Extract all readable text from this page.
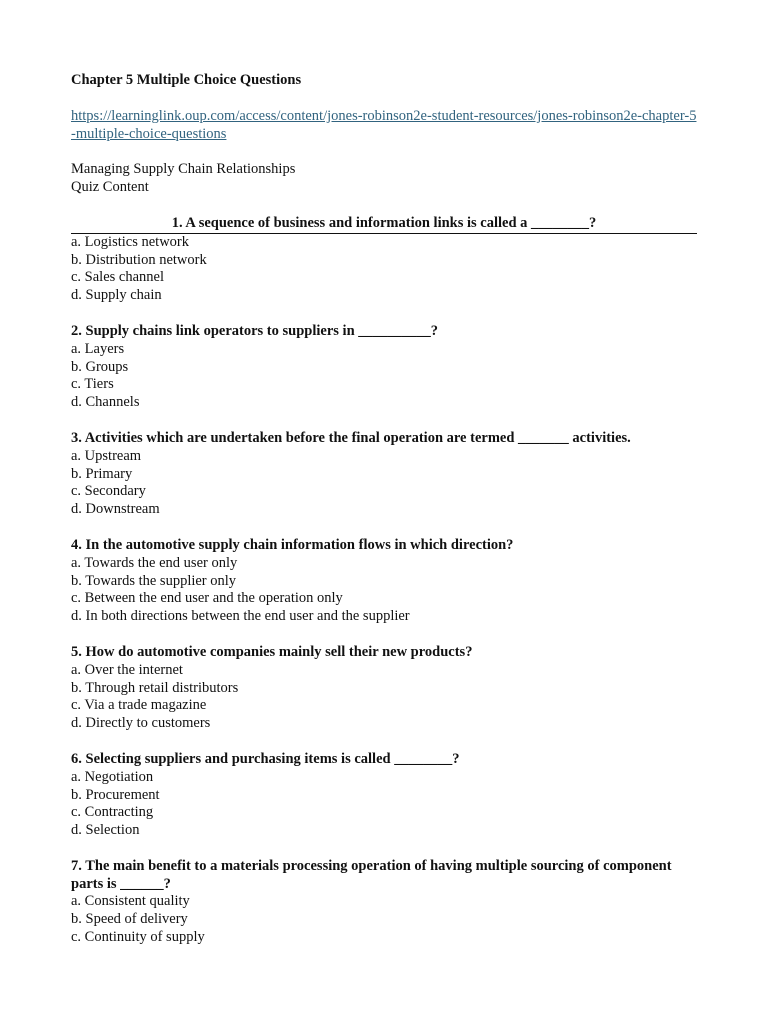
Chapter 5 Multiple Choice Questions
https://learninglink.oup.com/access/content/jones-robinson2e-student-resources/jones-robinson2e-chapter-5-multiple-choice-questions
Managing Supply Chain Relationships
Quiz Content
1. A sequence of business and information links is called a ________?
a. Logistics network
b. Distribution network
c. Sales channel
d. Supply chain
2. Supply chains link operators to suppliers in __________?
a. Layers
b. Groups
c. Tiers
d. Channels
3. Activities which are undertaken before the final operation are termed _______ activities.
a. Upstream
b. Primary
c. Secondary
d. Downstream
4. In the automotive supply chain information flows in which direction?
a. Towards the end user only
b. Towards the supplier only
c. Between the end user and the operation only
d. In both directions between the end user and the supplier
5. How do automotive companies mainly sell their new products?
a. Over the internet
b. Through retail distributors
c. Via a trade magazine
d. Directly to customers
6. Selecting suppliers and purchasing items is called ________?
a. Negotiation
b. Procurement
c. Contracting
d. Selection
7. The main benefit to a materials processing operation of having multiple sourcing of component parts is ______?
a. Consistent quality
b. Speed of delivery
c. Continuity of supply
